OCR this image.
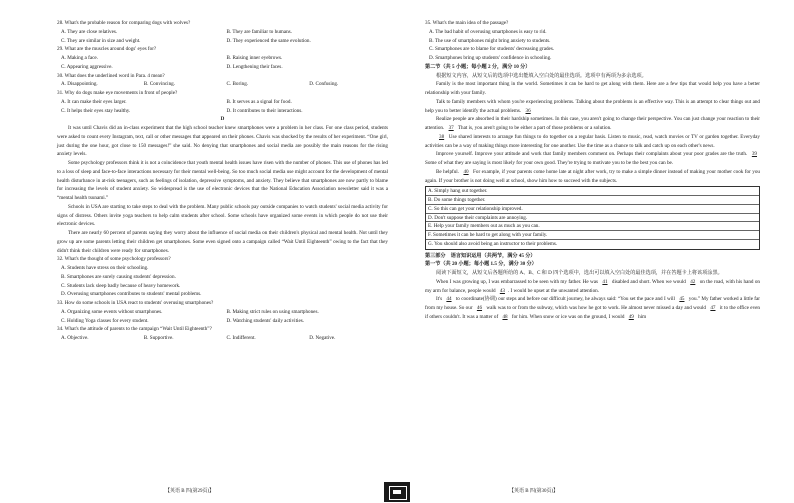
28. What's the probable reason for comparing dogs with wolves?
A. They are close relatives.	B. They are familiar to humans.
C. They are similar in size and weight.	D. They experienced the same evolution.
29. What are the muscles around dogs' eyes for?
A. Making a face.	B. Raising inner eyebrows.
C. Appearing aggressive.	D. Lengthening their faces.
30. What does the underlined word in Para. 4 mean?
A. Disappointing.	B. Convincing.	C. Boring.	D. Confusing.
31. Why do dogs make eye movements in front of people?
A. It can make their eyes larger.	B. It serves as a signal for food.
C. It helps their eyes stay healthy.	D. It contributes to their interactions.
D
It was until Chavis did an in-class experiment that the high school teacher knew smartphones were a problem in her class. For one class period, students were asked to count every Instagram, text, call or other messages that appeared on their phones. Chavis was shocked by the results of her experiment. “One girl, just during the one hour, got close to 150 messages!” she said. No denying that smartphones and social media are possibly the main reasons for the rising anxiety levels.
Some psychology professors think it is not a coincidence that youth mental health issues have risen with the number of phones. This use of phones has led to a loss of sleep and face-to-face interactions necessary for their mental well-being. So too much social media use might account for the development of mental health disturbance in at-risk teenagers, such as feelings of isolation, depressive symptoms, and anxiety. They believe that smartphones are now partly to blame for increasing the levels of student anxiety. So widespread is the use of electronic devices that the National Education Association newsletter said it was a “mental health tsunami.”
Schools in USA are starting to take steps to deal with the problem. Many public schools pay outside companies to watch students' social media activity for signs of distress. Others invite yoga teachers to help calm students after school. Some schools have organized some events in which people do not use their electronic devices.
There are nearly 60 percent of parents saying they worry about the influence of social media on their children's physical and mental health. Not until they grow up are some parents letting their children get smartphones. Some even signed onto a campaign called “Wait Until Eighteenth” owing to the fact that they didn't think their children were ready for smartphones.
32. What's the thought of some psychology professors?
A. Students have stress on their schooling.
B. Smartphones are surely causing students' depression.
C. Students lack sleep badly because of heavy homework.
D. Overusing smartphones contributes to students' mental problems.
33. How do some schools in USA react to students' overusing smartphones?
A. Organizing some events without smartphones.	B. Making strict rules on using smartphones.
C. Holding Yoga classes for every student.	D. Watching students' daily activities.
34. What's the attitude of parents to the campaign “Wait Until Eighteenth”?
A. Objective.	B. Supportive.	C. Indifferent.	D. Negative.
【英语 B 四(第29页)】
35. What's the main idea of the passage?
A. The bad habit of overusing smartphones is easy to rid.
B. The use of smartphones might bring anxiety to students.
C. Smartphones are to blame for students' decreasing grades.
D. Smartphones bring up students' confidence in schooling.
第二节（共 5 小题；每小题 2 分，满分 10 分）
根据短文内容，从短文后的选项中选出能填入空白处的最佳选项。选项中有两项为多余选项。
Family is the most important thing in the world. Sometimes it can be hard to get along with them. Here are a few tips that would help you have a better relationship with your family.
Talk to family members with whom you're experiencing problems. Talking about the problems is an effective way. This is an attempt to clear things out and help you to better identify the actual problems. 36
Realize people are absorbed in their hardship sometimes. In this case, you aren't going to change their perspective. You can just change your reaction to their attention. 37 That is, you aren't going to be either a part of those problems or a solution.
38 Use shared interests to arrange fun things to do together on a regular basis. Listen to music, read, watch movies or TV or garden together. Everyday activities can be a way of making things more interesting for one another. Use the time as a chance to talk and catch up on each other's news.
Improve yourself. Improve your attitude and work that family members comment on. Perhaps their complaints about your poor grades are the truth. 39 Some of what they are saying is most likely for your own good. They're trying to motivate you to be the best you can be.
Be helpful. 40 For example, if your parents come home late at night after work, try to make a simple dinner instead of making your mother cook for you again. If your brother is not doing well at school, show him how to succeed with the subjects.
A. Simply hang out together.
B. Do some things together.
C. So this can get your relationship improved.
D. Don't suppose their complaints are annoying.
E. Help your family members out as much as you can.
F. Sometimes it can be hard to get along with your family.
G. You should also avoid being an instructor to their problems.
第三部分　语言知识运用（共两节，满分 45 分）
第一节（共 20 小题；每小题 1.5 分，满分 30 分）
阅读下面短文，从短文后各题所给的 A、B、C 和 D 四个选项中，选出可以填入空白处的最佳选项，并在答题卡上将该项涂黑。
When I was growing up, I was embarrassed to be seen with my father. He was 41 disabled and short. When we would 42 on the road, with his hand on my arm for balance, people would 43 . I would be upset at the unwanted attention.
It's 44 to coordinate(协调) our steps and before our difficult journey, he always said: “You set the pace and I will 45 you.” My father worked a little far from my house. So our 46 walk was to or from the subway, which was how he got to work. He almost never missed a day and would 47 it to the office even if others couldn't. It was a matter of 48 for him. When snow or ice was on the ground, I would 49 him
【英语 B 四(第30页)】
